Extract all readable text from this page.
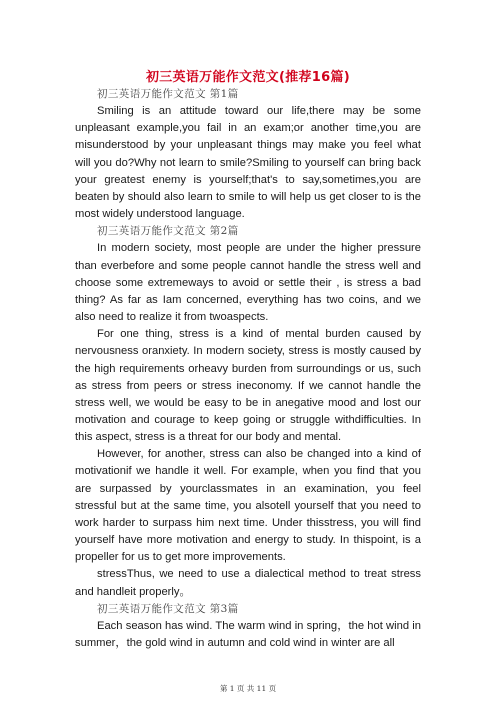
初三英语万能作文范文(推荐16篇)
初三英语万能作文范文 第1篇

Smiling is an attitude toward our life,there may be some unpleasant example,you fail in an exam;or another time,you are misunderstood by your unpleasant things may make you feel what will you do?Why not learn to smile?Smiling to yourself can bring back your greatest enemy is yourself;that's to say,sometimes,you are beaten by should also learn to smile to will help us get closer to is the most widely understood language.

初三英语万能作文范文 第2篇

In modern society, most people are under the higher pressure than everbefore and some people cannot handle the stress well and choose some extremeways to avoid or settle their , is stress a bad thing? As far as Iam concerned, everything has two coins, and we also need to realize it from twoaspects.

For one thing, stress is a kind of mental burden caused by nervousness oranxiety. In modern society, stress is mostly caused by the high requirements orheavy burden from surroundings or us, such as stress from peers or stress ineconomy. If we cannot handle the stress well, we would be easy to be in anegative mood and lost our motivation and courage to keep going or struggle withdifficulties. In this aspect, stress is a threat for our body and mental.

However, for another, stress can also be changed into a kind of motivationif we handle it well. For example, when you find that you are surpassed by yourclassmates in an examination, you feel stressful but at the same time, you alsotell yourself that you need to work harder to surpass him next time. Under thisstress, you will find yourself have more motivation and energy to study. In thispoint, is a propeller for us to get more improvements.

stressThus, we need to use a dialectical method to treat stress and handleit properly。

初三英语万能作文范文 第3篇

Each season has wind. The warm wind in spring，the hot wind in summer，the gold wind in autumn and cold wind in winter are all

第 1 页 共 11 页
